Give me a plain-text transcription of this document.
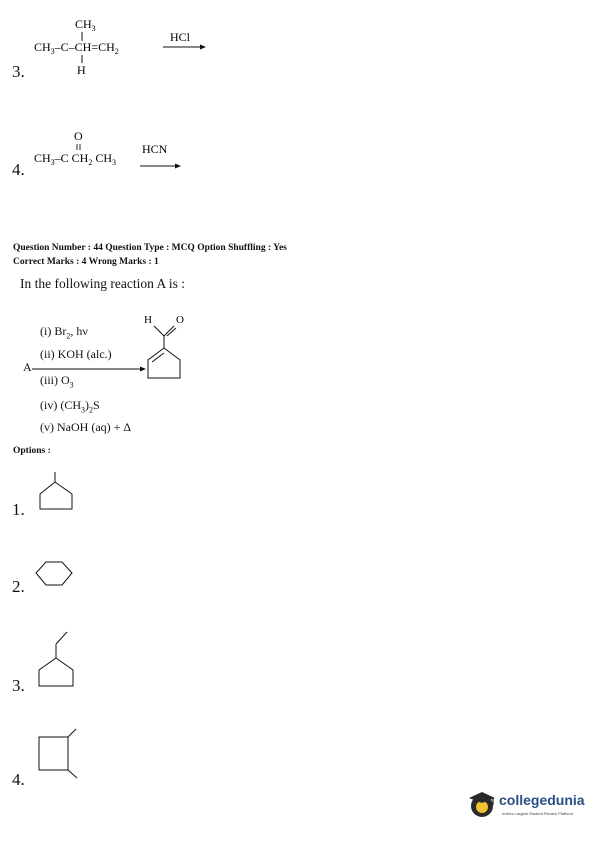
3.
$CH_3$
$CH_3-C-CH=CH_2$
H
HCl
4.
O
$CH_3-C$ $CH_2$ $CH_3$
HCN
Question Number : 44 Question Type : MCQ Option Shuffling : Yes
Correct Marks : 4 Wrong Marks : 1
In the following reaction A is :
A
(i) $Br_2$, hν
(ii) KOH (alc.)
(iii) $O_3$
(iv) $(CH_3)_2S$
(v) NaOH (aq) + Δ
H O
Options :
1.
2.
3.
4.
collegedunia
India's Largest Student Review Platform
